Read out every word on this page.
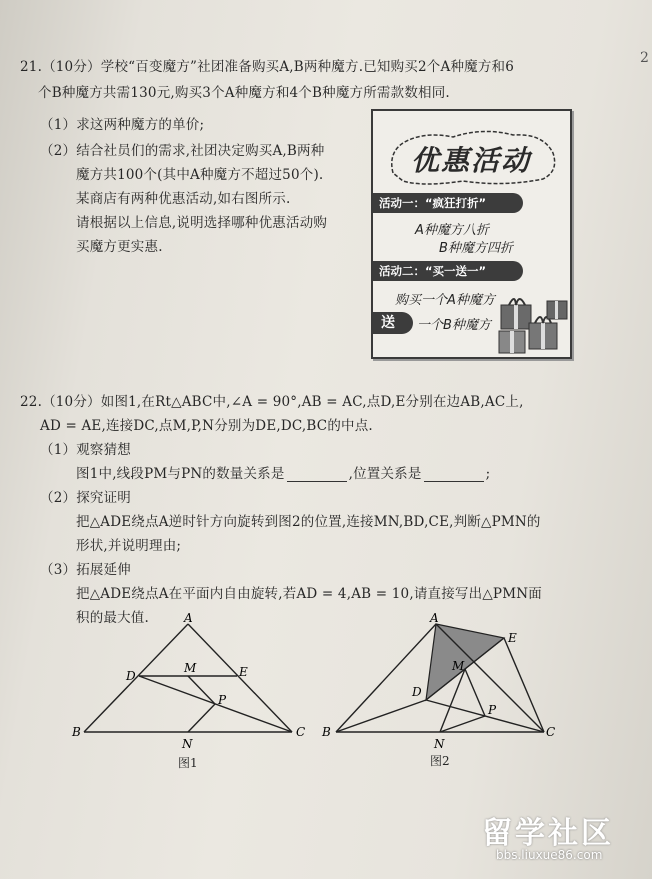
2
21.（10分）学校“百变魔方”社团准备购买A,B两种魔方.已知购买2个A种魔方和6
个B种魔方共需130元,购买3个A种魔方和4个B种魔方所需款数相同.
（1）求这两种魔方的单价;
（2）结合社员们的需求,社团决定购买A,B两种
魔方共100个(其中A种魔方不超过50个).
某商店有两种优惠活动,如右图所示.
请根据以上信息,说明选择哪种优惠活动购
买魔方更实惠.
优惠活动
活动一：“疯狂打折”
A种魔方八折
B种魔方四折
活动二：“买一送一”
购买一个A种魔方
送	一个B种魔方
22.（10分）如图1,在Rt△ABC中,∠A = 90°,AB = AC,点D,E分别在边AB,AC上,
AD = AE,连接DC,点M,P,N分别为DE,DC,BC的中点.
（1）观察猜想
图1中,线段PM与PN的数量关系是	,位置关系是	;
（2）探究证明
把△ADE绕点A逆时针方向旋转到图2的位置,连接MN,BD,CE,判断△PMN的
形状,并说明理由;
（3）拓展延伸
把△ADE绕点A在平面内自由旋转,若AD = 4,AB = 10,请直接写出△PMN面
积的最大值.	A
B	C
D	E
M
P
N
图1
A
B	C
D
E
M
P
N
图2
留学社区
bbs.liuxue86.com
